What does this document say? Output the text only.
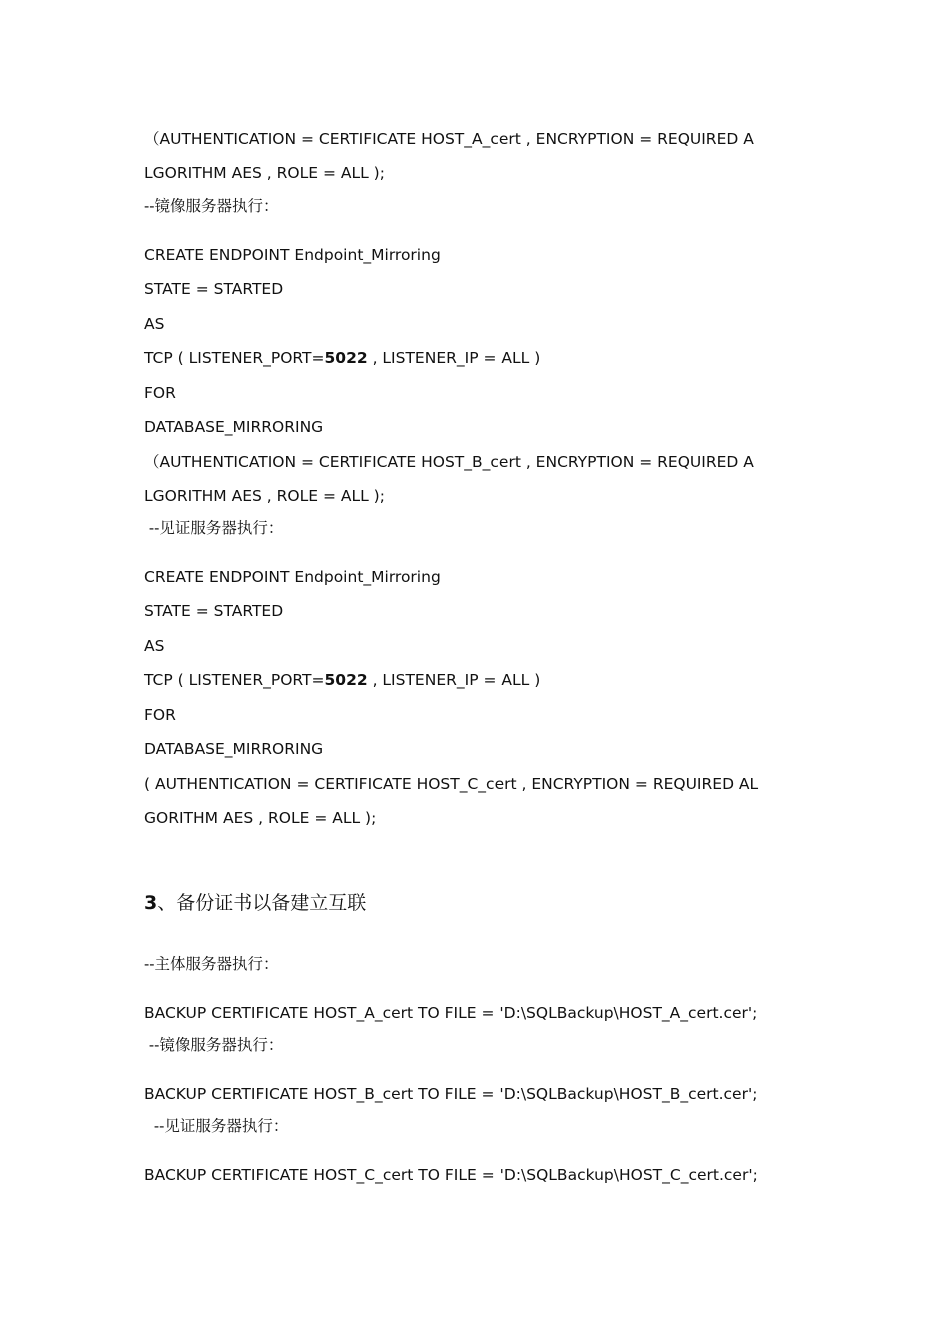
（AUTHENTICATION = CERTIFICATE HOST_A_cert , ENCRYPTION = REQUIRED A
LGORITHM AES , ROLE = ALL );
--镜像服务器执行：
CREATE ENDPOINT Endpoint_Mirroring
STATE = STARTED
AS
TCP ( LISTENER_PORT=5022 , LISTENER_IP = ALL )
FOR
DATABASE_MIRRORING
（AUTHENTICATION = CERTIFICATE HOST_B_cert , ENCRYPTION = REQUIRED A
LGORITHM AES , ROLE = ALL );
--见证服务器执行：
CREATE ENDPOINT Endpoint_Mirroring
STATE = STARTED
AS
TCP ( LISTENER_PORT=5022 , LISTENER_IP = ALL )
FOR
DATABASE_MIRRORING
( AUTHENTICATION = CERTIFICATE HOST_C_cert , ENCRYPTION = REQUIRED AL
GORITHM AES , ROLE = ALL );
3、备份证书以备建立互联
--主体服务器执行：
BACKUP CERTIFICATE HOST_A_cert TO FILE = 'D:\SQLBackup\HOST_A_cert.cer';
--镜像服务器执行：
BACKUP CERTIFICATE HOST_B_cert TO FILE = 'D:\SQLBackup\HOST_B_cert.cer';
--见证服务器执行：
BACKUP CERTIFICATE HOST_C_cert TO FILE = 'D:\SQLBackup\HOST_C_cert.cer';
